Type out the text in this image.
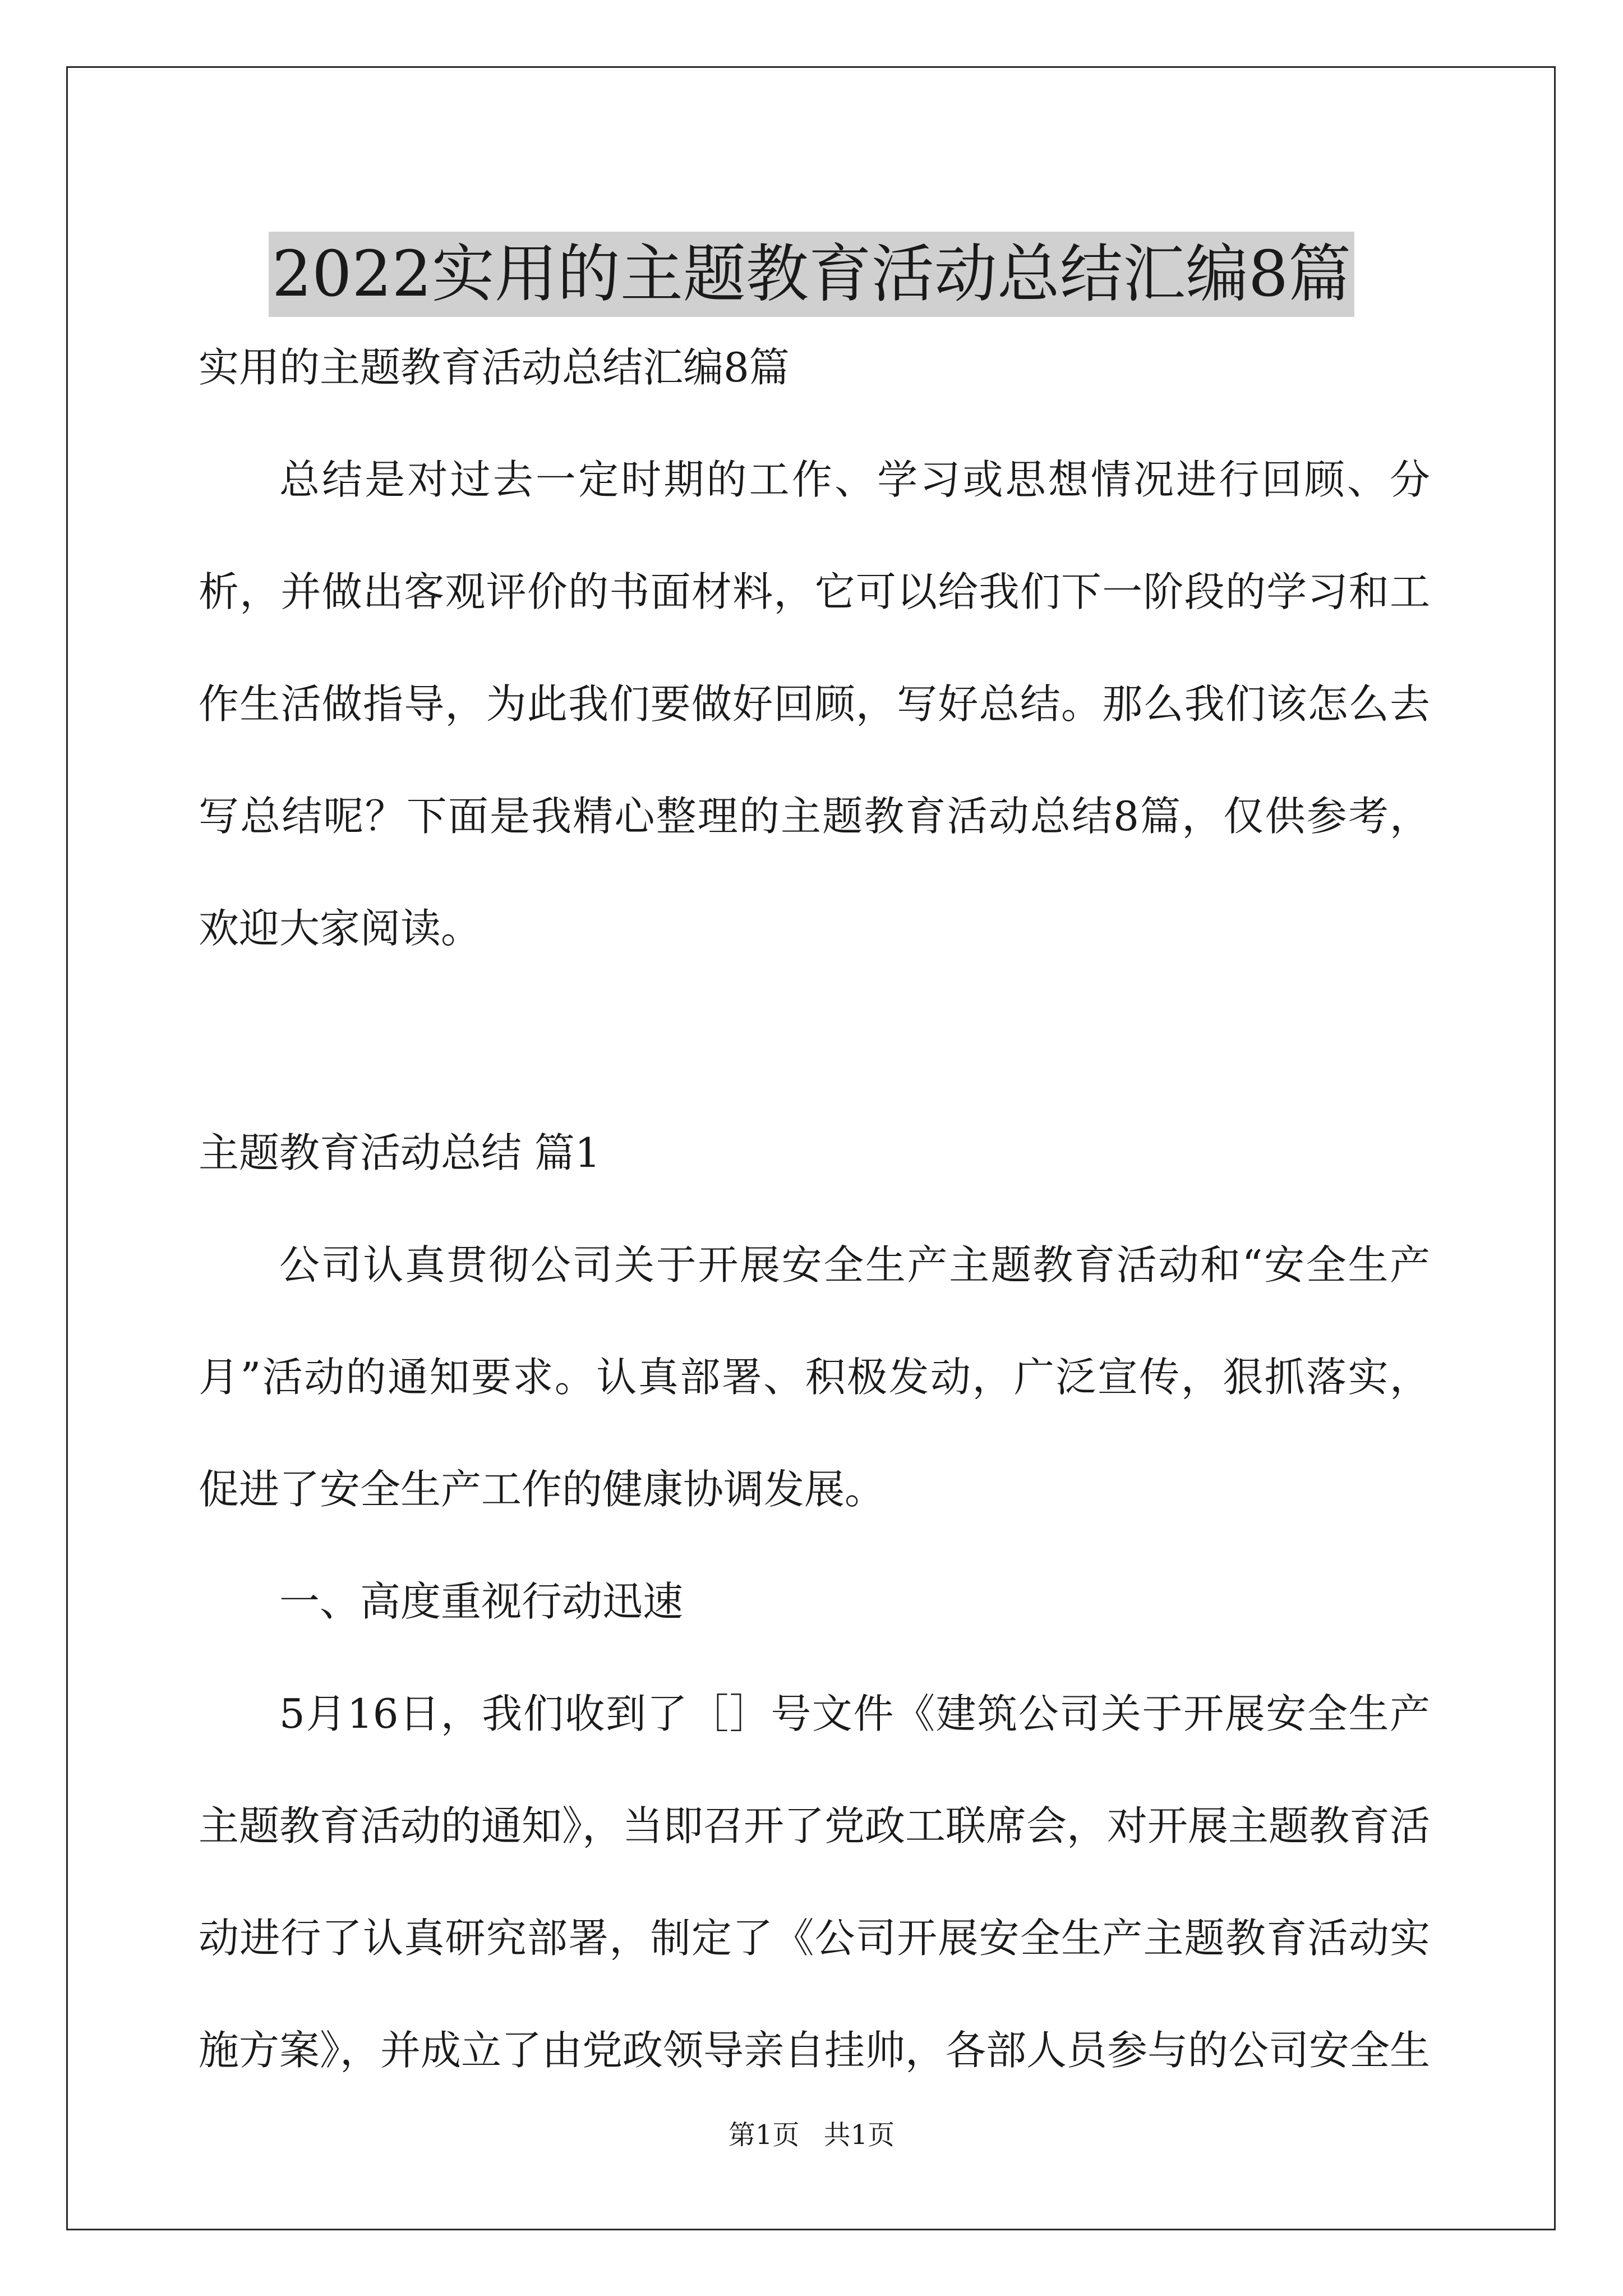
2022实用的主题教育活动总结汇编8篇

实用的主题教育活动总结汇编8篇

总结是对过去一定时期的工作、学习或思想情况进行回顾、分析，并做出客观评价的书面材料，它可以给我们下一阶段的学习和工作生活做指导，为此我们要做好回顾，写好总结。那么我们该怎么去写总结呢？下面是我精心整理的主题教育活动总结8篇，仅供参考，欢迎大家阅读。

主题教育活动总结 篇1

公司认真贯彻公司关于开展安全生产主题教育活动和“安全生产月”活动的通知要求。认真部署、积极发动，广泛宣传，狠抓落实，促进了安全生产工作的健康协调发展。

一、高度重视行动迅速

5月16日，我们收到了［］号文件《建筑公司关于开展安全生产主题教育活动的通知》，当即召开了党政工联席会，对开展主题教育活动进行了认真研究部署，制定了《公司开展安全生产主题教育活动实施方案》，并成立了由党政领导亲自挂帅，各部人员参与的公司安全生

第1页 共1页
